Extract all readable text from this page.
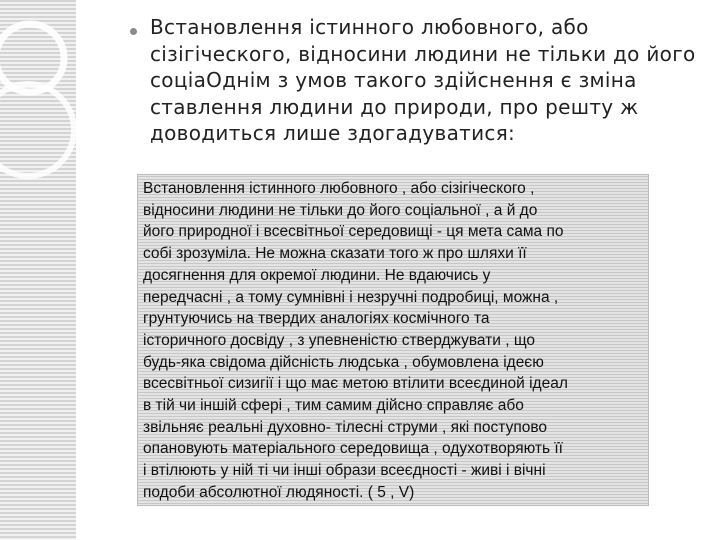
Встановлення істинного любовного, або
сізігіческого, відносини людини не тільки до його
соціаОднім з умов такого здійснення є зміна
ставлення людини до природи, про решту ж
доводиться лише здогадуватися:

Встановлення істинного любовного , або сізігіческого ,
відносини людини не тільки до його соціальної , а й до
його природної і всесвітньої середовищі - ця мета сама по
собі зрозуміла. Не можна сказати того ж про шляхи її
досягнення для окремої людини. Не вдаючись у
передчасні , а тому сумнівні і незручні подробиці, можна ,
грунтуючись на твердих аналогіях космічного та
історичного досвіду , з упевненістю стверджувати , що
будь-яка свідома дійсність людська , обумовлена ​​ідеєю
всесвітньої сизигії і що має метою втілити всеєдиной ідеал
в тій чи іншій сфері , тим самим дійсно справляє або
звільняє реальні духовно- тілесні струми , які поступово
опановують матеріального середовища , одухотворяють її
і втілюють у ній ті чи інші образи всеєдності - живі і вічні
подоби абсолютної людяності. ( 5 , V)
